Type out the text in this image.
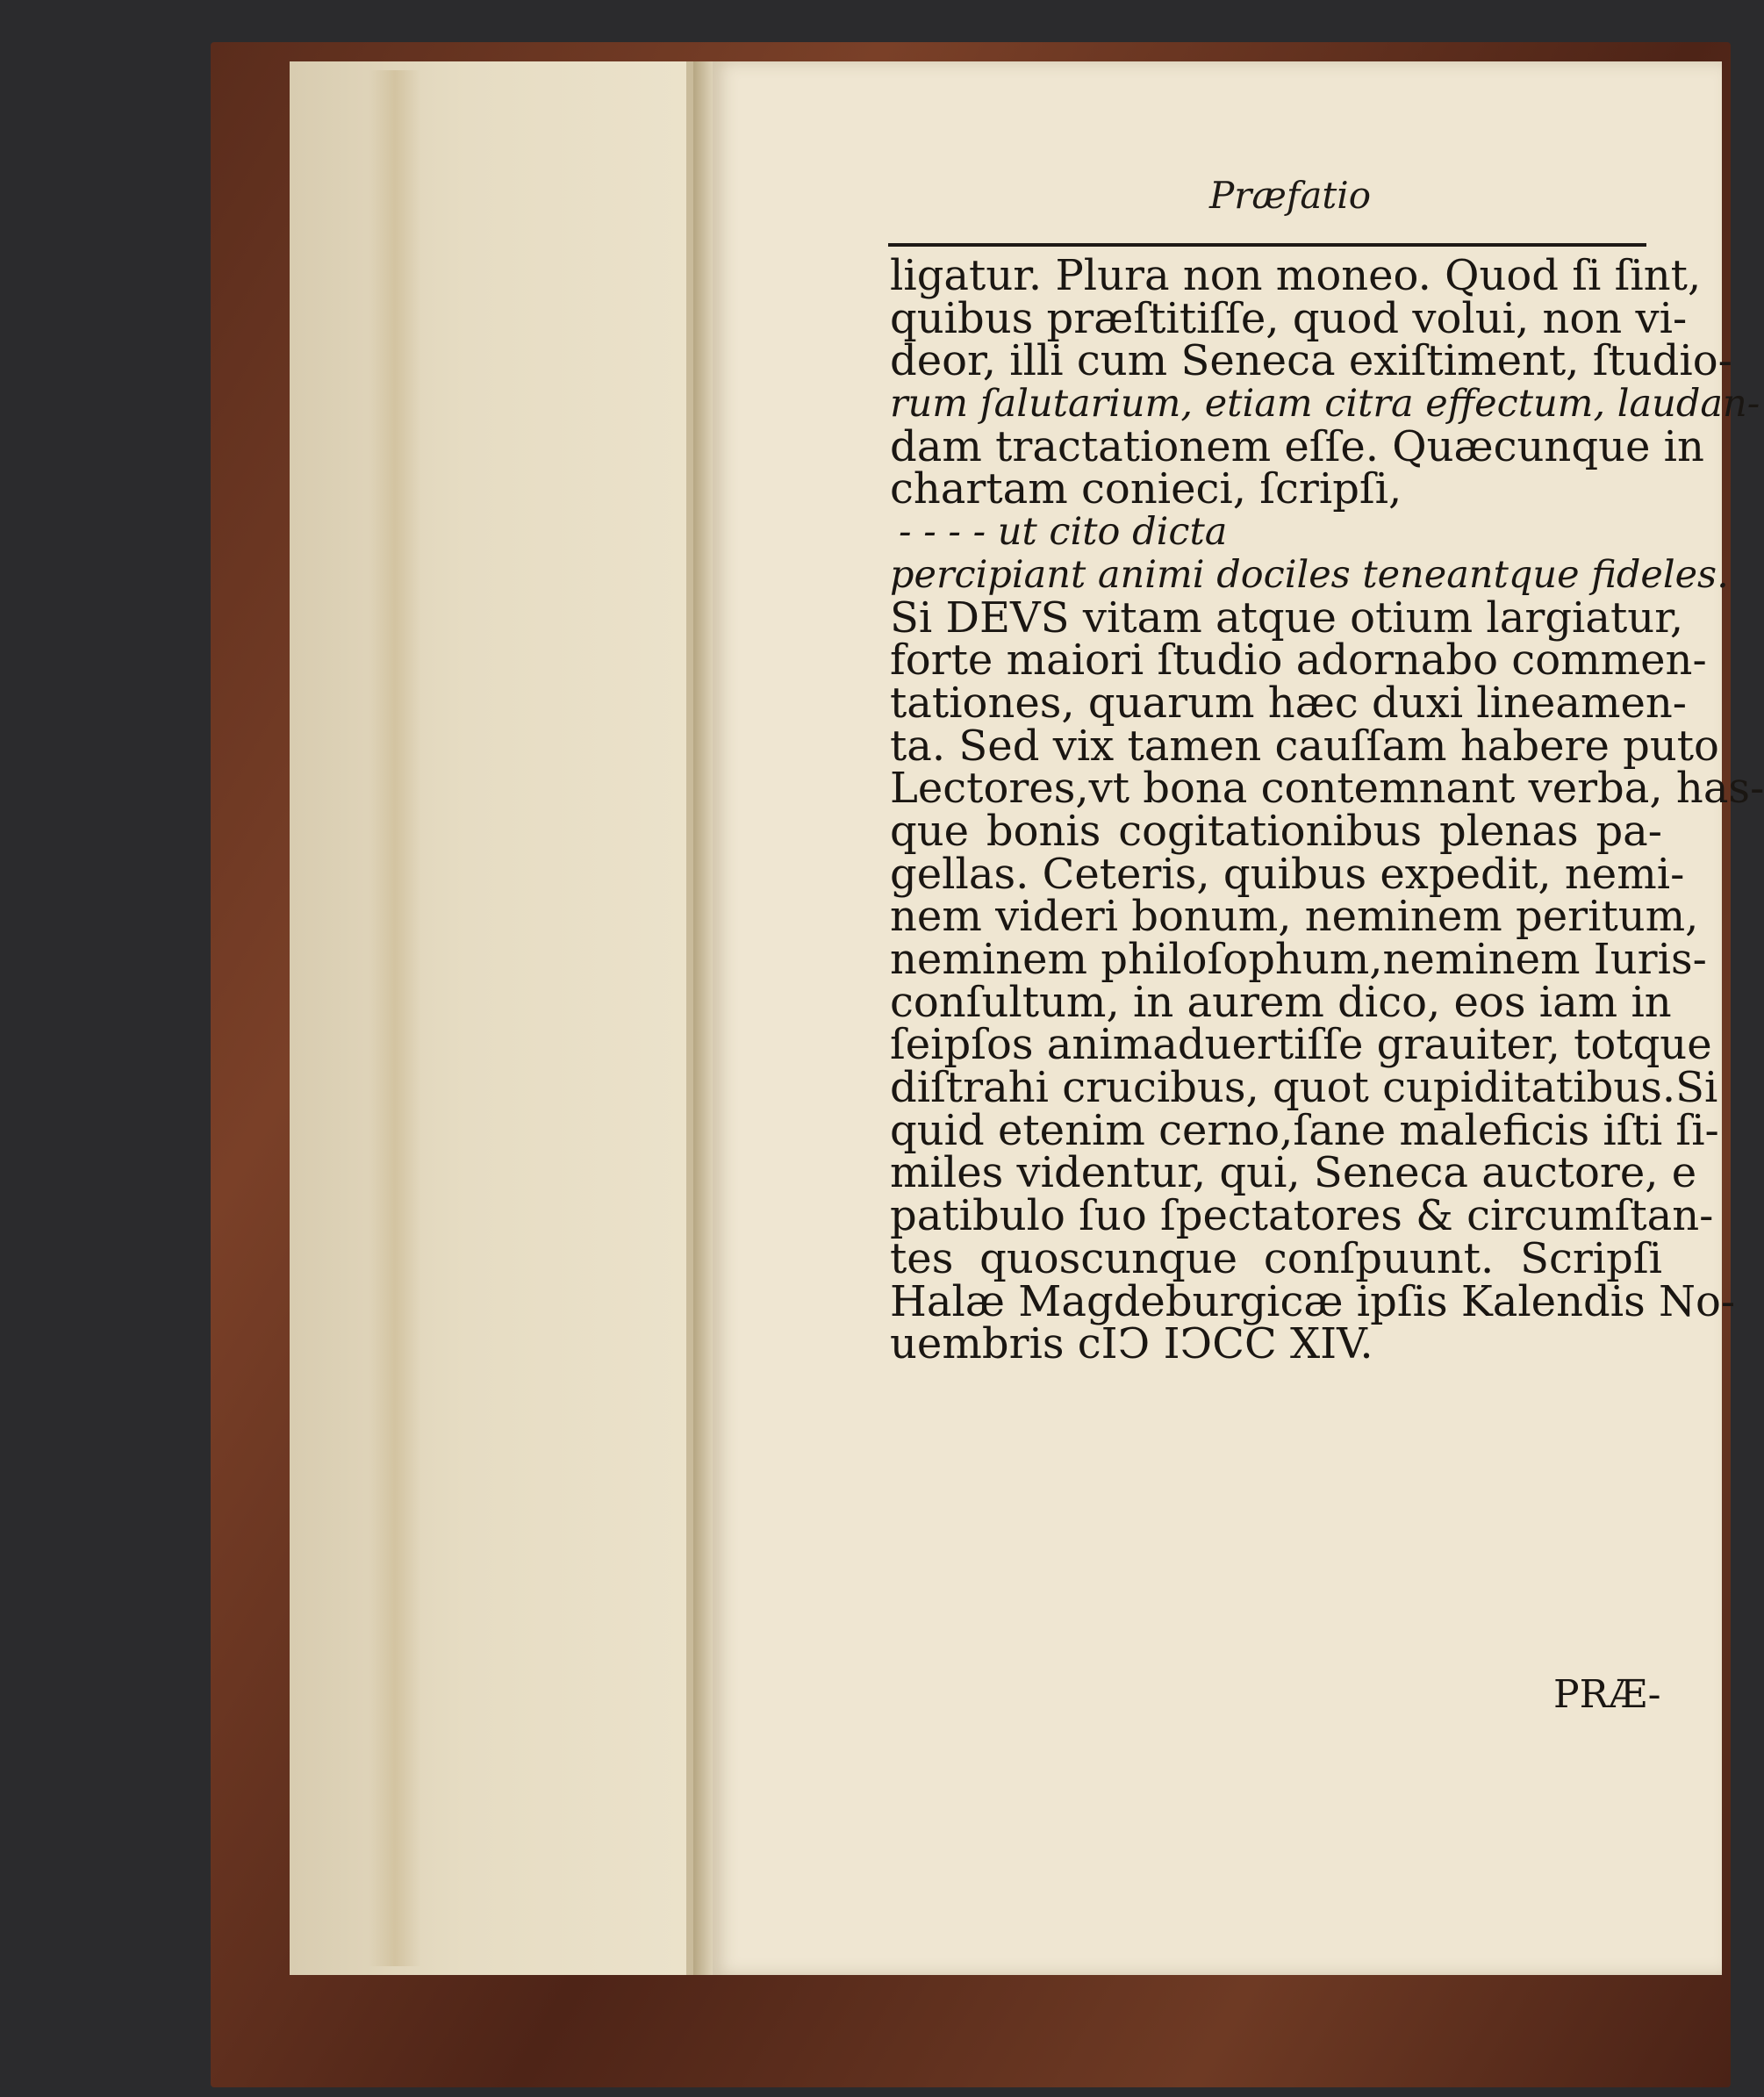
Præfatio
ligatur. Plura non moneo. Quod ſi ſint,
quibus præſtitiſſe, quod volui, non vi-
deor, illi cum Seneca exiſtiment, ſtudio-
rum ſalutarium, etiam citra effectum, laudan-
dam tractationem eſſe. Quæcunque in
chartam conieci, ſcripſi,
- - - - ut cito dicta
percipiant animi dociles teneantque fideles.
Si DEVS vitam atque otium largiatur,
forte maiori ſtudio adornabo commen-
tationes, quarum hæc duxi lineamen-
ta. Sed vix tamen cauſſam habere puto
Lectores,vt bona contemnant verba, has-
que bonis cogitationibus plenas pa-
gellas. Ceteris, quibus expedit, nemi-
nem videri bonum, neminem peritum,
neminem philoſophum,neminem Iuris-
conſultum, in aurem dico, eos iam in
ſeipſos animaduertiſſe grauiter, totque
diſtrahi crucibus, quot cupiditatibus.Si
quid etenim cerno,ſane maleficis iſti ſi-
miles videntur, qui, Seneca auctore, e
patibulo ſuo ſpectatores & circumſtan-
tes quoscunque conſpuunt. Scripſi
Halæ Magdeburgicæ ipſis Kalendis No-
uembris cIↃ IↃCC XIV.
PRÆ-
